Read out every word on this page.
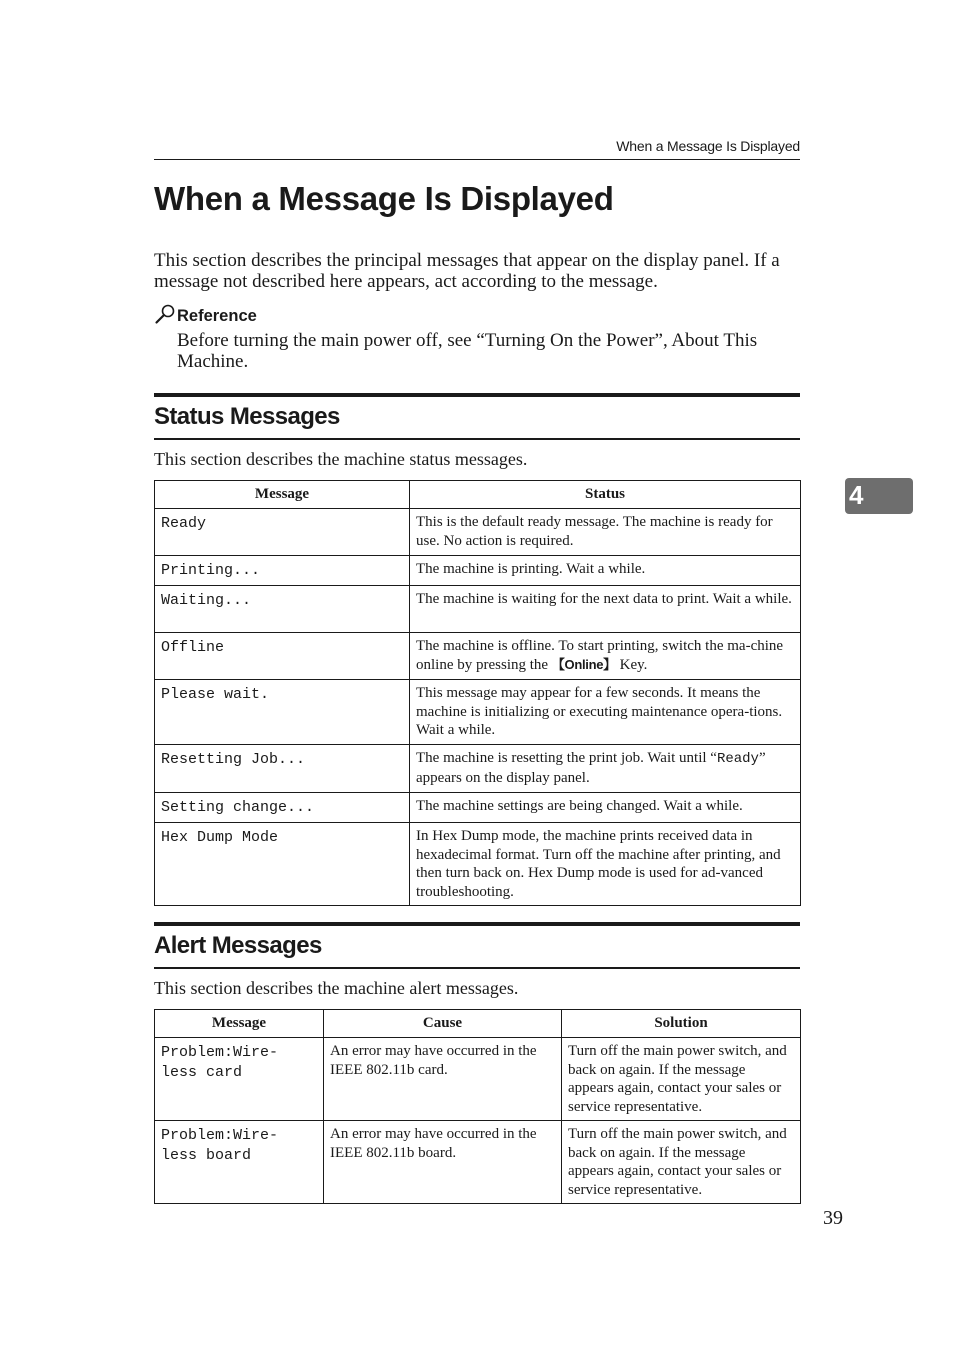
When a Message Is Displayed
When a Message Is Displayed

This section describes the principal messages that appear on the display panel. If a message not described here appears, act according to the message.

Reference

Before turning the main power off, see “Turning On the Power”, About This Machine.

Status Messages

This section describes the machine status messages.

Message	Status
Ready	This is the default ready message. The machine is ready for use. No action is required.
Printing...	The machine is printing. Wait a while.
Waiting...	The machine is waiting for the next data to print. Wait a while.
Offline	The machine is offline. To start printing, switch the ma-chine online by pressing the 【Online】 Key.
Please wait.	This message may appear for a few seconds. It means the machine is initializing or executing maintenance opera-tions. Wait a while.
Resetting Job...	The machine is resetting the print job. Wait until “Ready” appears on the display panel.
Setting change...	The machine settings are being changed. Wait a while.
Hex Dump Mode	In Hex Dump mode, the machine prints received data in hexadecimal format. Turn off the machine after printing, and then turn back on. Hex Dump mode is used for ad-vanced troubleshooting.
Alert Messages

This section describes the machine alert messages.

Message	Cause	Solution
Problem:Wire-
less card	An error may have occurred in the IEEE 802.11b card.	Turn off the main power switch, and back on again. If the message appears again, contact your sales or service representative.
Problem:Wire-
less board	An error may have occurred in the IEEE 802.11b board.	Turn off the main power switch, and back on again. If the message appears again, contact your sales or service representative.
4
39
